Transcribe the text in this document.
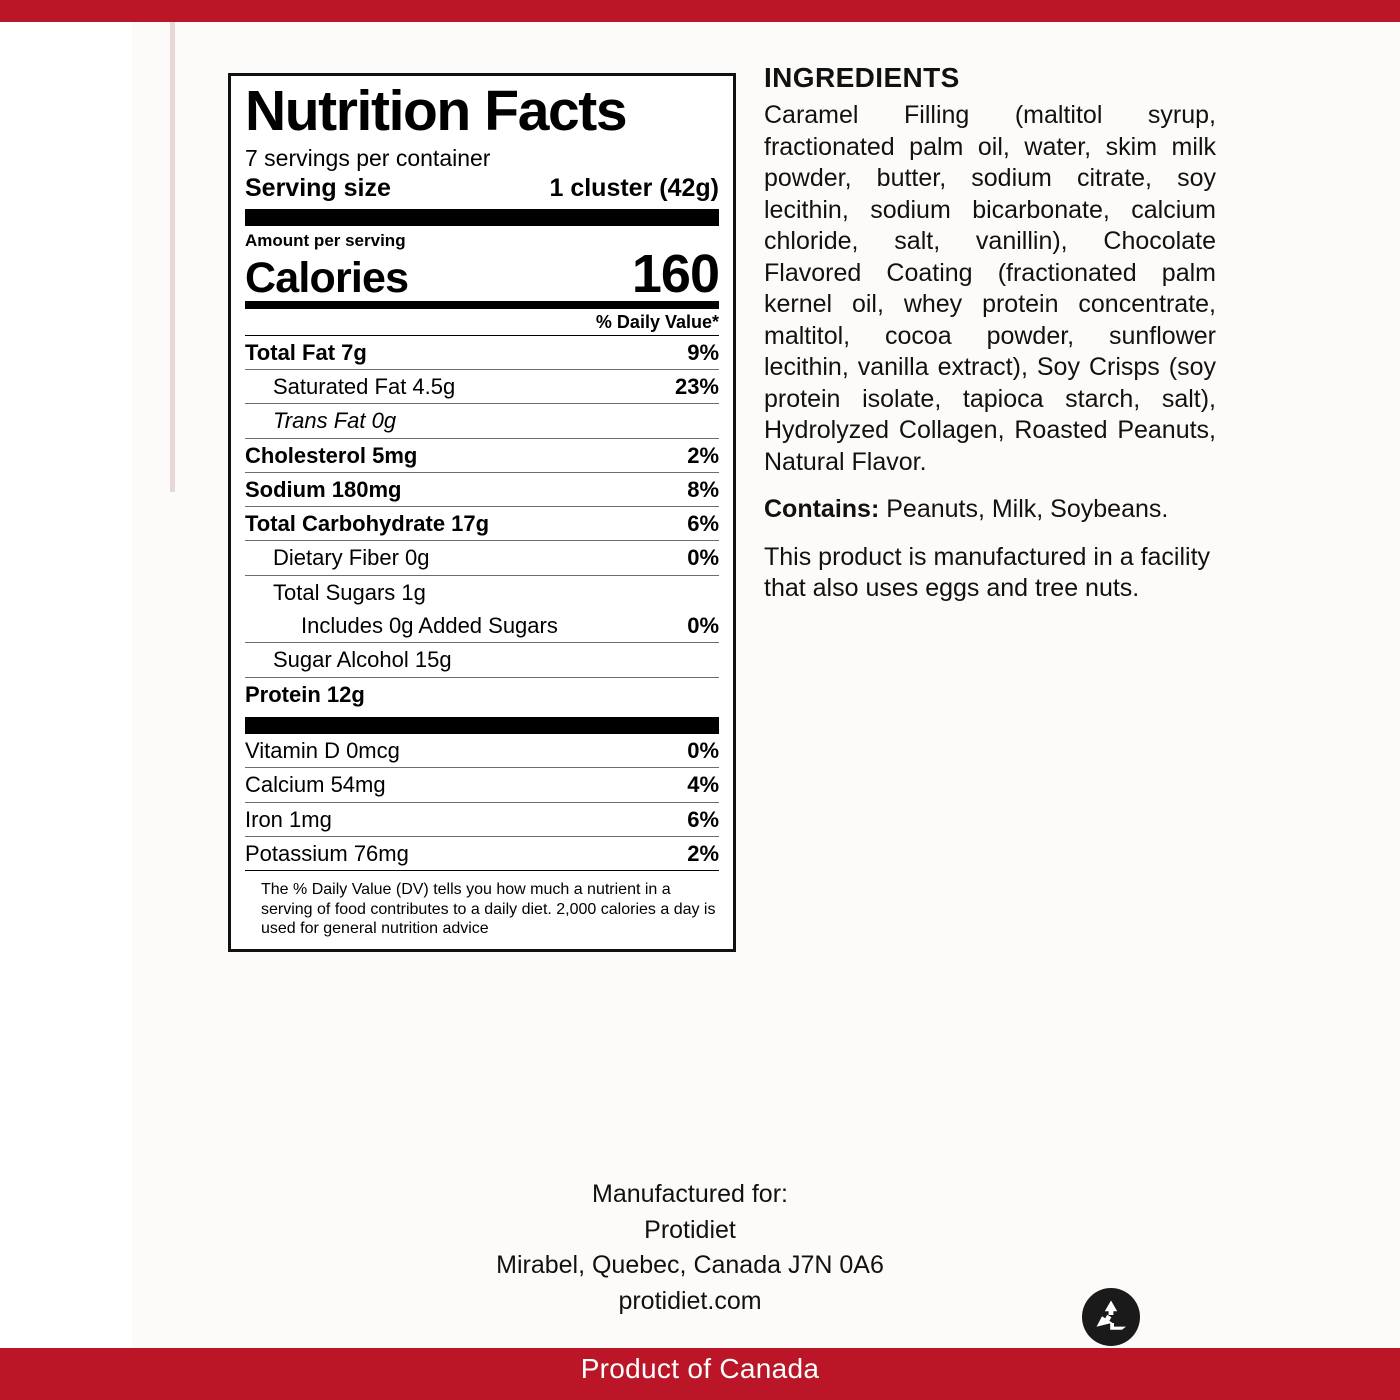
Nutrition Facts
7 servings per container
Serving size	1 cluster (42g)
Amount per serving
Calories	160
% Daily Value*
Total Fat 7g	9%
Saturated Fat 4.5g	23%
Trans Fat 0g
Cholesterol 5mg	2%
Sodium 180mg	8%
Total Carbohydrate 17g	6%
Dietary Fiber 0g	0%
Total Sugars 1g
Includes 0g Added Sugars	0%
Sugar Alcohol 15g
Protein 12g
Vitamin D 0mcg	0%
Calcium 54mg	4%
Iron 1mg	6%
Potassium 76mg	2%
The % Daily Value (DV) tells you how much a nutrient in a serving of food contributes to a daily diet. 2,000 calories a day is used for general nutrition advice
INGREDIENTS
Caramel Filling (maltitol syrup, fractionated palm oil, water, skim milk powder, butter, sodium citrate, soy lecithin, sodium bicarbonate, calcium chloride, salt, vanillin), Chocolate Flavored Coating (fractionated palm kernel oil, whey protein concentrate, maltitol, cocoa powder, sunflower lecithin, vanilla extract), Soy Crisps (soy protein isolate, tapioca starch, salt), Hydrolyzed Collagen, Roasted Peanuts, Natural Flavor.
Contains: Peanuts, Milk, Soybeans.
This product is manufactured in a facility that also uses eggs and tree nuts.
Manufactured for:
Protidiet
Mirabel, Quebec, Canada J7N 0A6
protidiet.com
Product of Canada
